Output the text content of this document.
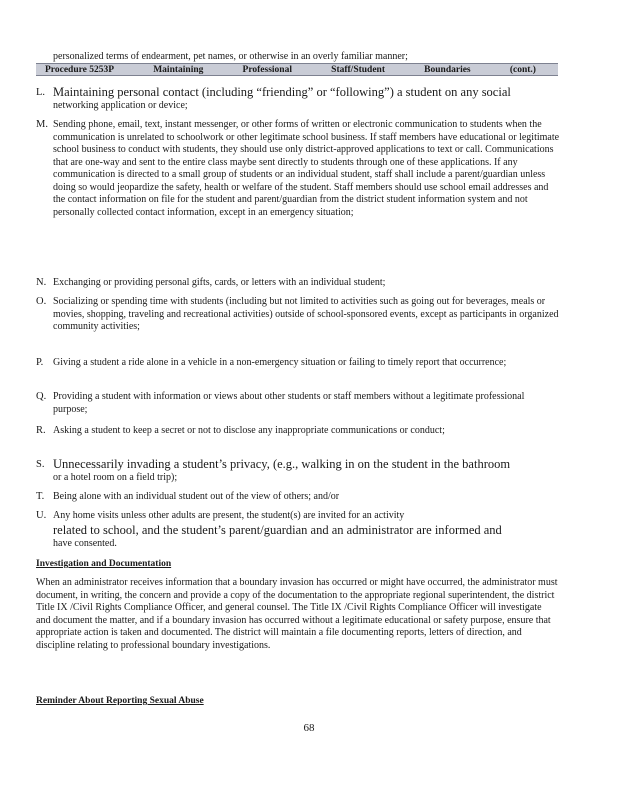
personalized terms of endearment, pet names, or otherwise in an overly familiar manner;
Procedure 5253P	Maintaining	Professional	Staff/Student	Boundaries	(cont.)
L. Maintaining personal contact (including “friending” or “following”) a student on any social
networking application or device;
M. Sending phone, email, text, instant messenger, or other forms of written or electronic communication to students when the communication is unrelated to schoolwork or other legitimate school business. If staff members have educational or legitimate school business to conduct with students, they should use only district-approved applications to text or call. Communications that are one-way and sent to the entire class maybe sent directly to students through one of these applications. If any communication is directed to a small group of students or an individual student, staff shall include a parent/guardian unless doing so would jeopardize the safety, health or welfare of the student. Staff members should use school email addresses and the contact information on file for the student and parent/guardian from the district student information system and not personally collected contact information, except in an emergency situation;
N. Exchanging or providing personal gifts, cards, or letters with an individual student;
O. Socializing or spending time with students (including but not limited to activities such as going out for beverages, meals or movies, shopping, traveling and recreational activities) outside of school-sponsored events, except as participants in organized community activities;
P. Giving a student a ride alone in a vehicle in a non-emergency situation or failing to timely report that occurrence;
Q. Providing a student with information or views about other students or staff members without a legitimate professional purpose;
R. Asking a student to keep a secret or not to disclose any inappropriate communications or conduct;
S. Unnecessarily invading a student’s privacy, (e.g., walking in on the student in the bathroom
or a hotel room on a field trip);
T. Being alone with an individual student out of the view of others; and/or
U. Any home visits unless other adults are present, the student(s) are invited for an activity
related to school, and the student’s parent/guardian and an administrator are informed and
have consented.
Investigation and Documentation
When an administrator receives information that a boundary invasion has occurred or might have occurred, the administrator must document, in writing, the concern and provide a copy of the documentation to the appropriate regional superintendent, the district Title IX /Civil Rights Compliance Officer, and general counsel. The Title IX /Civil Rights Compliance Officer will investigate and document the matter, and if a boundary invasion has occurred without a legitimate educational or safety purpose, ensure that appropriate action is taken and documented. The district will maintain a file documenting reports, letters of direction, and discipline relating to professional boundary investigations.
Reminder About Reporting Sexual Abuse
68
